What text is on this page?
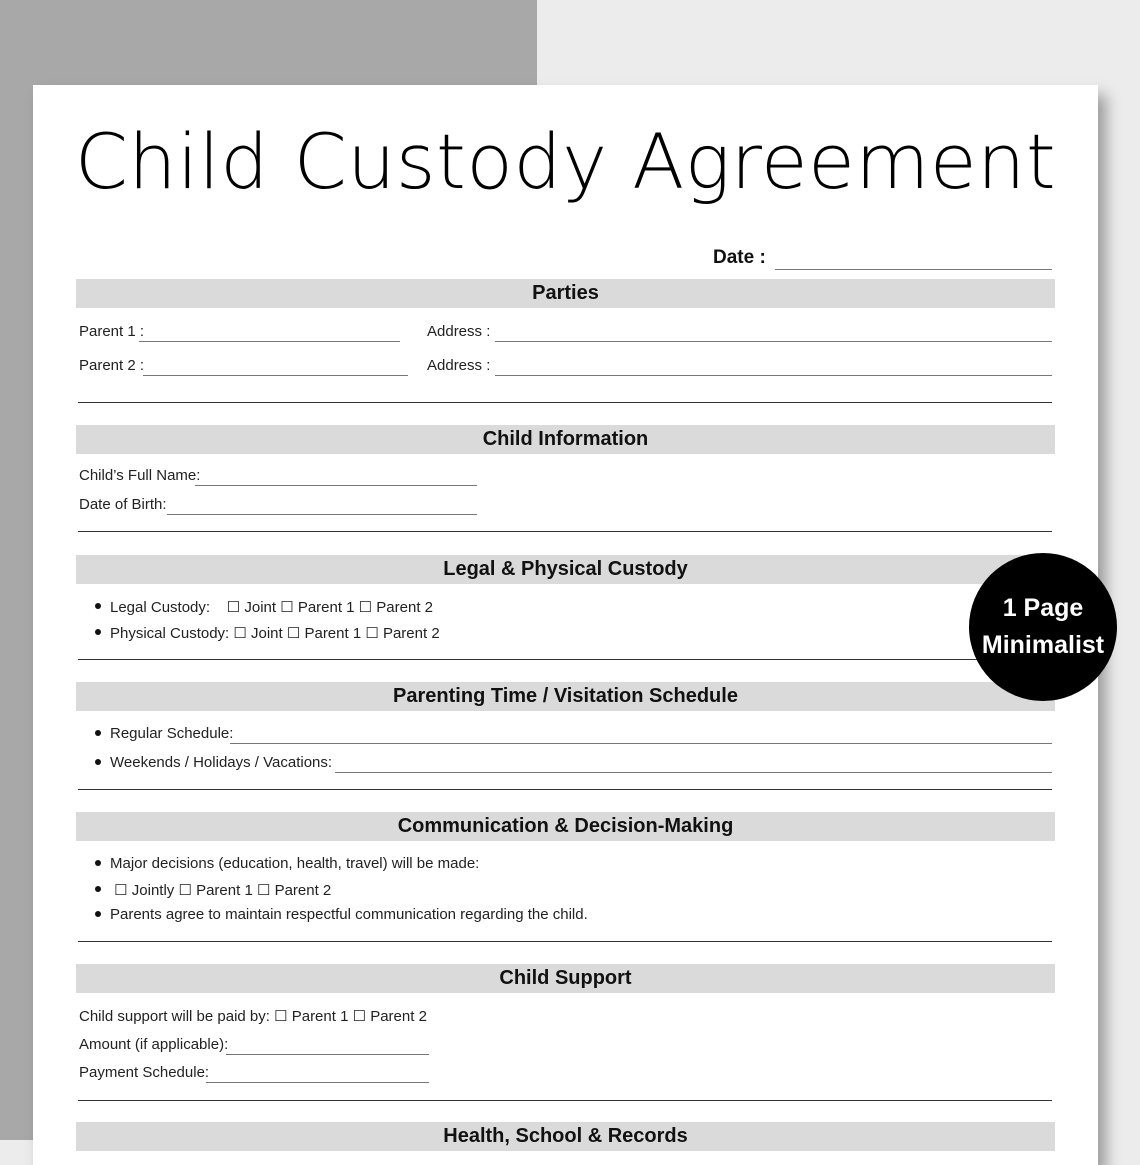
Child Custody Agreement
Date :
Parties
Parent 1 :	Address :
Parent 2 :	Address :
Child Information
Child’s Full Name:
Date of Birth:
Legal & Physical Custody
Legal Custody:    ☐ Joint ☐ Parent 1 ☐ Parent 2
Physical Custody: ☐ Joint ☐ Parent 1 ☐ Parent 2
Parenting Time / Visitation Schedule
Regular Schedule:
Weekends / Holidays / Vacations:
Communication & Decision-Making
Major decisions (education, health, travel) will be made:
☐ Jointly ☐ Parent 1 ☐ Parent 2
Parents agree to maintain respectful communication regarding the child.
Child Support
Child support will be paid by: ☐ Parent 1 ☐ Parent 2
Amount (if applicable):
Payment Schedule:
Health, School & Records
1 Page
Minimalist
